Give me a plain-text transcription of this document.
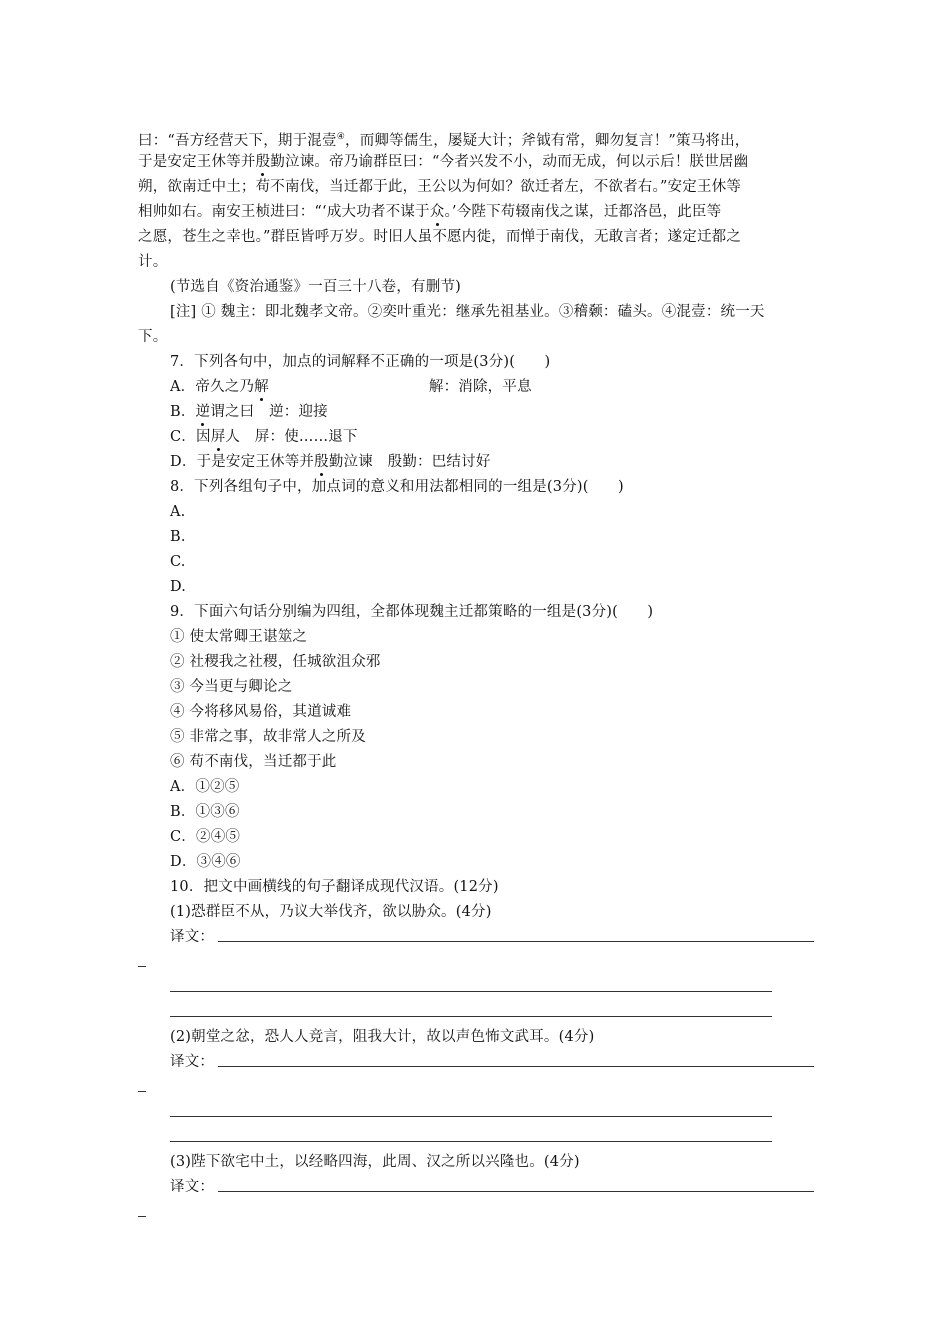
曰：“吾方经营天下，期于混壹④，而卿等儒生，屡疑大计；斧钺有常，卿勿复言！”策马将出，
于是安定王休等并殷勤泣谏。帝乃谕群臣曰：“今者兴发不小，动而无成，何以示后！朕世居幽
朔，欲南迁中土；苟不南伐，当迁都于此，王公以为何如？欲迁者左，不欲者右。”安定王休等
相帅如右。南安王桢进曰：“‘成大功者不谋于众。’今陛下苟辍南伐之谋，迁都洛邑，此臣等
之愿，苍生之幸也。”群臣皆呼万岁。时旧人虽不愿内徙，而惮于南伐，无敢言者；遂定迁都之
计。
(节选自《资治通鉴》一百三十八卷，有删节)
[注] ① 魏主：即北魏孝文帝。②奕叶重光：继承先祖基业。③稽颡：磕头。④混壹：统一天
下。
7．下列各句中，加点的词解释不正确的一项是(3分)(　　)
A．帝久之乃解	解：消除，平息
B．逆谓之曰　逆：迎接
C．因屏人　屏：使……退下
D．于是安定王休等并殷勤泣谏　殷勤：巴结讨好
8．下列各组句子中，加点词的意义和用法都相同的一组是(3分)(　　)
A.
B.
C.
D.
9．下面六句话分别编为四组，全都体现魏主迁都策略的一组是(3分)(　　)
① 使太常卿王谌筮之
② 社稷我之社稷，任城欲沮众邪
③ 今当更与卿论之
④ 今将移风易俗，其道诚难
⑤ 非常之事，故非常人之所及
⑥ 苟不南伐，当迁都于此
A．①②⑤
B．①③⑥
C．②④⑤
D．③④⑥
10．把文中画横线的句子翻译成现代汉语。(12分)
(1)恐群臣不从，乃议大举伐齐，欲以胁众。(4分)
译文：
(2)朝堂之忿，恐人人竞言，阻我大计，故以声色怖文武耳。(4分)
译文：
(3)陛下欲宅中土，以经略四海，此周、汉之所以兴隆也。(4分)
译文：
